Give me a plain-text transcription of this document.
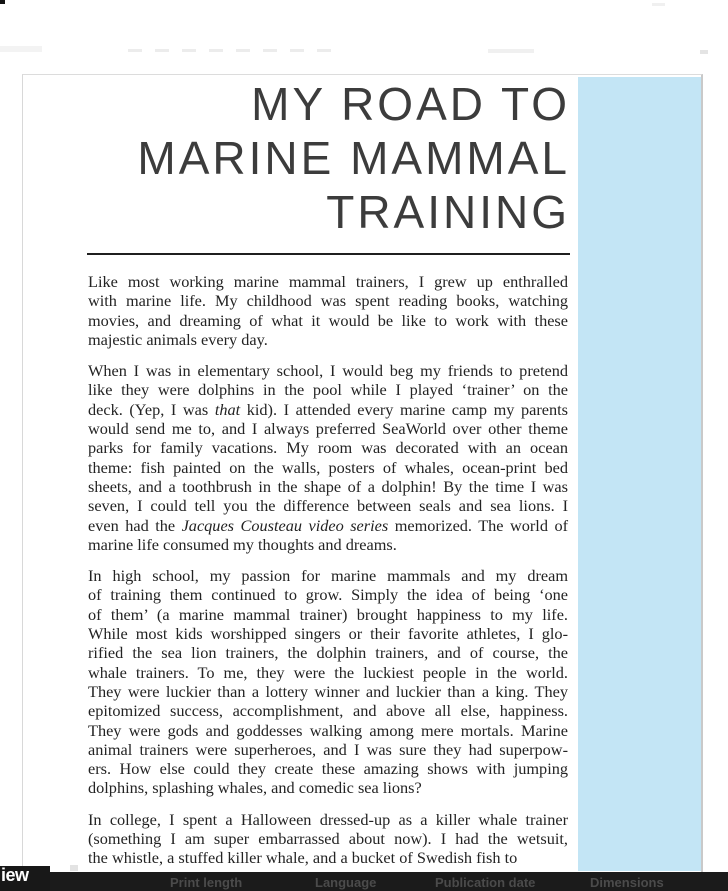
MY ROAD TO
MARINE MAMMAL
TRAINING
Like most working marine mammal trainers, I grew up enthralled
with marine life. My childhood was spent reading books, watching
movies, and dreaming of what it would be like to work with these
majestic animals every day.
When I was in elementary school, I would beg my friends to pretend
like they were dolphins in the pool while I played ‘trainer’ on the
deck. (Yep, I was that kid). I attended every marine camp my parents
would send me to, and I always preferred SeaWorld over other theme
parks for family vacations. My room was decorated with an ocean
theme: fish painted on the walls, posters of whales, ocean-print bed
sheets, and a toothbrush in the shape of a dolphin! By the time I was
seven, I could tell you the difference between seals and sea lions. I
even had the Jacques Cousteau video series memorized. The world of
marine life consumed my thoughts and dreams.
In high school, my passion for marine mammals and my dream
of training them continued to grow. Simply the idea of being ‘one
of them’ (a marine mammal trainer) brought happiness to my life.
While most kids worshipped singers or their favorite athletes, I glo-
rified the sea lion trainers, the dolphin trainers, and of course, the
whale trainers. To me, they were the luckiest people in the world.
They were luckier than a lottery winner and luckier than a king. They
epitomized success, accomplishment, and above all else, happiness.
They were gods and goddesses walking among mere mortals. Marine
animal trainers were superheroes, and I was sure they had superpow-
ers. How else could they create these amazing shows with jumping
dolphins, splashing whales, and comedic sea lions?
In college, I spent a Halloween dressed-up as a killer whale trainer
(something I am super embarrassed about now). I had the wetsuit,
the whistle, a stuffed killer whale, and a bucket of Swedish fish to
Print length	Language	Publication date	Dimensions
iew
